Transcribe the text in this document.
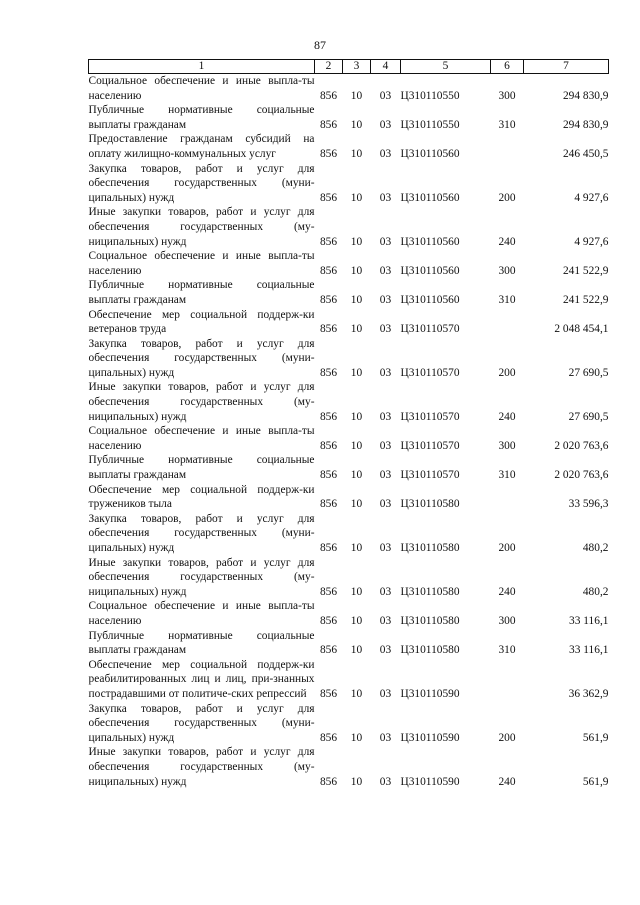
87
1	2	3	4	5	6	7

Социальное обеспечение и иные выпла-ты населению	856	10	03	Ц310110550	300	294 830,9

Публичные нормативные социальные выплаты гражданам	856	10	03	Ц310110550	310	294 830,9

Предоставление гражданам субсидий на оплату жилищно-коммунальных услуг	856	10	03	Ц310110560		246 450,5

Закупка товаров, работ и услуг для обеспечения государственных (муни-ципальных) нужд	856	10	03	Ц310110560	200	4 927,6

Иные закупки товаров, работ и услуг для обеспечения государственных (му-ниципальных) нужд	856	10	03	Ц310110560	240	4 927,6

Социальное обеспечение и иные выпла-ты населению	856	10	03	Ц310110560	300	241 522,9

Публичные нормативные социальные выплаты гражданам	856	10	03	Ц310110560	310	241 522,9

Обеспечение мер социальной поддерж-ки ветеранов труда	856	10	03	Ц310110570		2 048 454,1

Закупка товаров, работ и услуг для обеспечения государственных (муни-ципальных) нужд	856	10	03	Ц310110570	200	27 690,5

Иные закупки товаров, работ и услуг для обеспечения государственных (му-ниципальных) нужд	856	10	03	Ц310110570	240	27 690,5

Социальное обеспечение и иные выпла-ты населению	856	10	03	Ц310110570	300	2 020 763,6

Публичные нормативные социальные выплаты гражданам	856	10	03	Ц310110570	310	2 020 763,6

Обеспечение мер социальной поддерж-ки тружеников тыла	856	10	03	Ц310110580		33 596,3

Закупка товаров, работ и услуг для обеспечения государственных (муни-ципальных) нужд	856	10	03	Ц310110580	200	480,2

Иные закупки товаров, работ и услуг для обеспечения государственных (му-ниципальных) нужд	856	10	03	Ц310110580	240	480,2

Социальное обеспечение и иные выпла-ты населению	856	10	03	Ц310110580	300	33 116,1

Публичные нормативные социальные выплаты гражданам	856	10	03	Ц310110580	310	33 116,1

Обеспечение мер социальной поддерж-ки реабилитированных лиц и лиц, при-знанных пострадавшими от политиче-ских репрессий	856	10	03	Ц310110590		36 362,9

Закупка товаров, работ и услуг для обеспечения государственных (муни-ципальных) нужд	856	10	03	Ц310110590	200	561,9

Иные закупки товаров, работ и услуг для обеспечения государственных (му-ниципальных) нужд	856	10	03	Ц310110590	240	561,9
